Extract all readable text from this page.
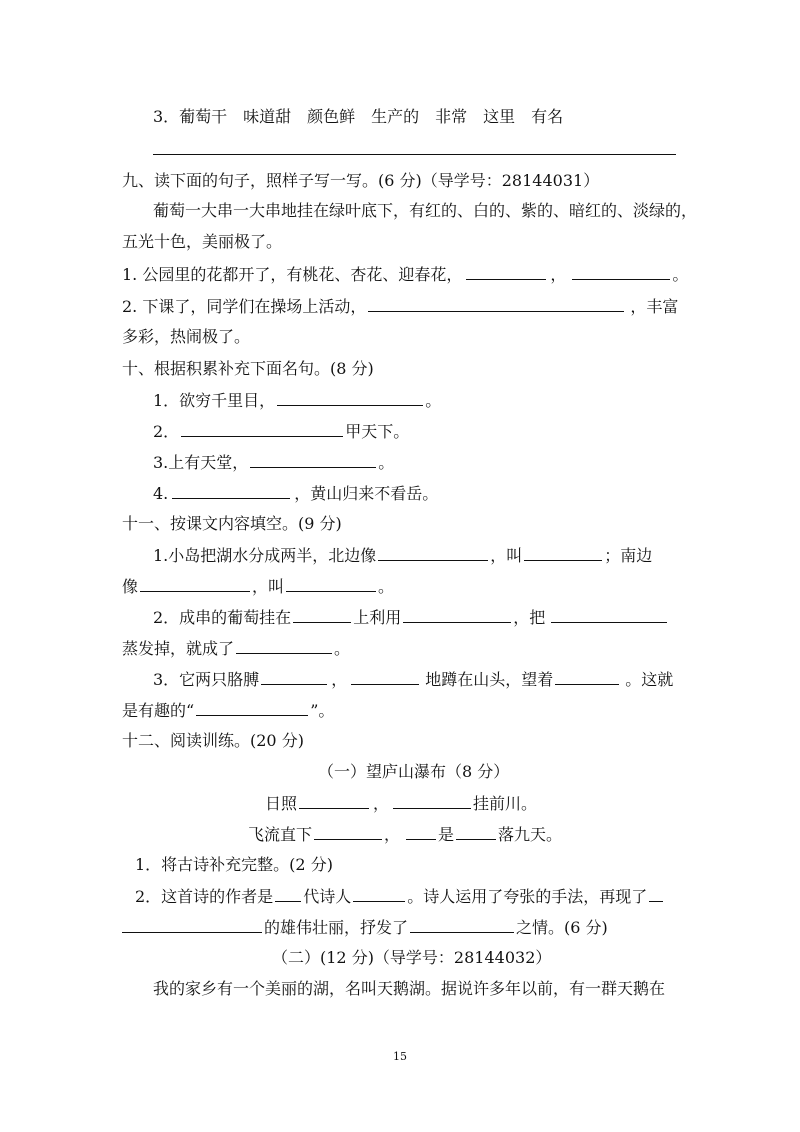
3．葡萄干　味道甜　颜色鲜　生产的　非常　这里　有名
九、读下面的句子，照样子写一写。(6 分)（导学号：28144031）
葡萄一大串一大串地挂在绿叶底下，有红的、白的、紫的、暗红的、淡绿的，
五光十色，美丽极了。
1. 公园里的花都开了，有桃花、杏花、迎春花，	，	。
2. 下课了，同学们在操场上活动，	，丰富
多彩，热闹极了。
十、根据积累补充下面名句。(8 分)
1．欲穷千里目，	。
2．	甲天下。
3.上有天堂，	。
4.	，黄山归来不看岳。
十一、按课文内容填空。(9 分)
1.小岛把湖水分成两半，北边像	，叫	；南边
像	，叫	。
2．成串的葡萄挂在	上利用	，把
蒸发掉，就成了	。
3．它两只胳膊	，	地蹲在山头，望着	。这就
是有趣的“	”。
十二、阅读训练。(20 分)
（一）望庐山瀑布（8 分）
日照	，	挂前川。
飞流直下	， 是	落九天。
1．将古诗补充完整。(2 分)
2．这首诗的作者是 代诗人	。诗人运用了夸张的手法，再现了
的雄伟壮丽，抒发了	之情。(6 分)
（二）(12 分)（导学号：28144032）
我的家乡有一个美丽的湖，名叫天鹅湖。据说许多年以前，有一群天鹅在
15
